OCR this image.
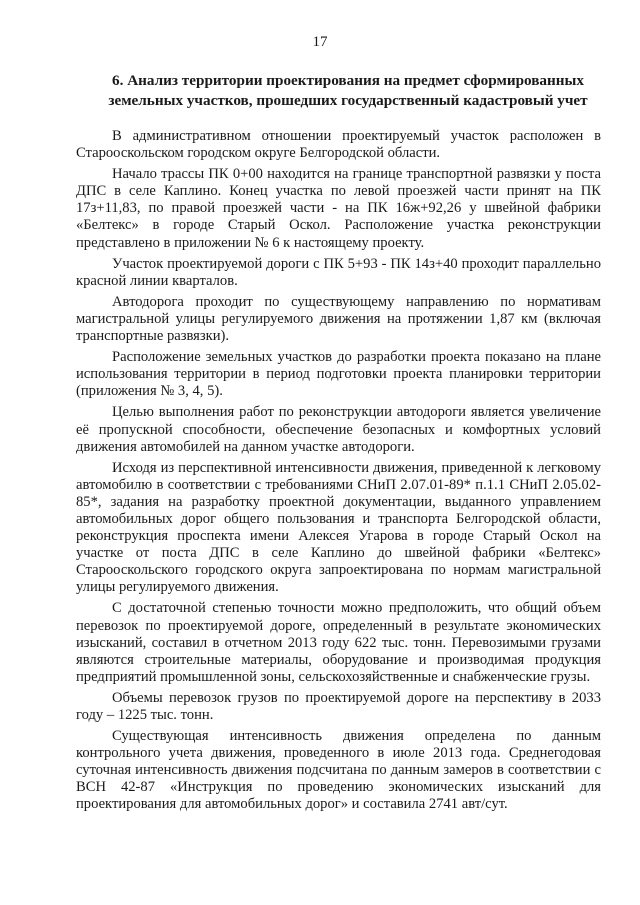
17
6. Анализ территории проектирования на предмет сформированных земельных участков, прошедших государственный кадастровый учет

В административном отношении проектируемый участок расположен в Старооскольском городском округе Белгородской области.

Начало трассы ПК 0+00 находится на границе транспортной развязки у поста ДПС в селе Каплино. Конец участка по левой проезжей части принят на ПК 17з+11,83, по правой проезжей части - на ПК 16ж+92,26 у швейной фабрики «Белтекс» в городе Старый Оскол. Расположение участка реконструкции представлено в приложении № 6 к настоящему проекту.

Участок проектируемой дороги с ПК 5+93 - ПК 14з+40 проходит параллельно красной линии кварталов.

Автодорога проходит по существующему направлению по нормативам магистральной улицы регулируемого движения на протяжении 1,87 км (включая транспортные развязки).

Расположение земельных участков до разработки проекта показано на плане использования территории в период подготовки проекта планировки территории (приложения № 3, 4, 5).

Целью выполнения работ по реконструкции автодороги является увеличение её пропускной способности, обеспечение безопасных и комфортных условий движения автомобилей на данном участке автодороги.

Исходя из перспективной интенсивности движения, приведенной к легковому автомобилю в соответствии с требованиями СНиП 2.07.01-89* п.1.1 СНиП 2.05.02-85*, задания на разработку проектной документации, выданного управлением автомобильных дорог общего пользования и транспорта Белгородской области, реконструкция проспекта имени Алексея Угарова в городе Старый Оскол на участке от поста ДПС в селе Каплино до швейной фабрики «Белтекс» Старооскольского городского округа запроектирована по нормам магистральной улицы регулируемого движения.

С достаточной степенью точности можно предположить, что общий объем перевозок по проектируемой дороге, определенный в результате экономических изысканий, составил в отчетном 2013 году 622 тыс. тонн. Перевозимыми грузами являются строительные материалы, оборудование и производимая продукция предприятий промышленной зоны, сельскохозяйственные и снабженческие грузы.

Объемы перевозок грузов по проектируемой дороге на перспективу в 2033 году – 1225 тыс. тонн.

Существующая интенсивность движения определена по данным контрольного учета движения, проведенного в июле 2013 года. Среднегодовая суточная интенсивность движения подсчитана по данным замеров в соответствии с ВСН 42-87 «Инструкция по проведению экономических изысканий для проектирования для автомобильных дорог» и составила 2741 авт/сут.
